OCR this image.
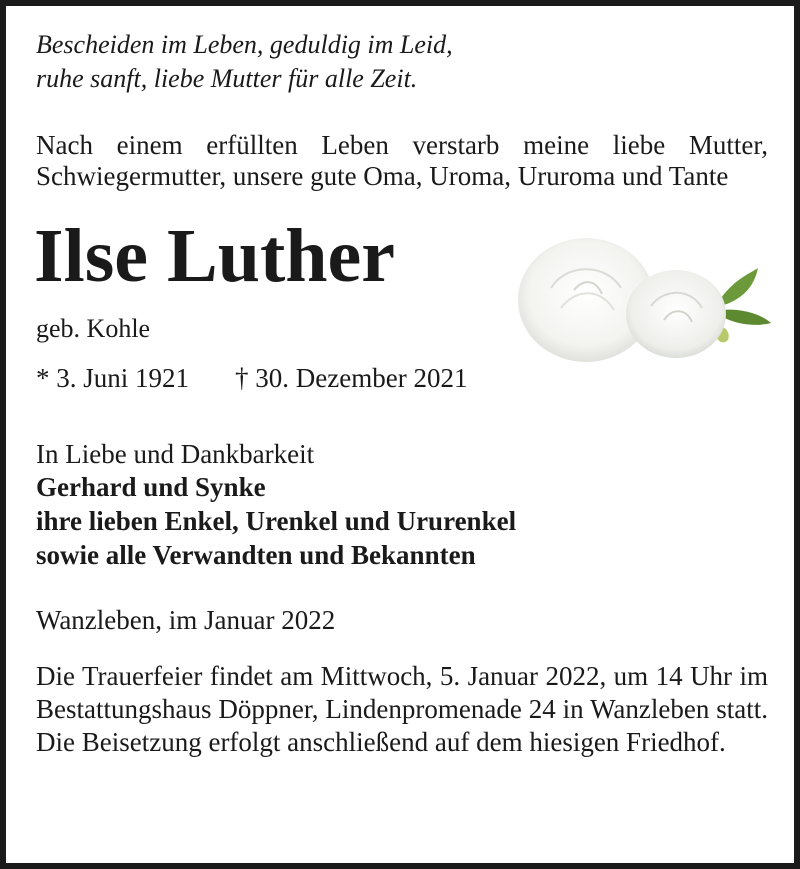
Bescheiden im Leben, geduldig im Leid,
ruhe sanft, liebe Mutter für alle Zeit.

Nach einem erfüllten Leben verstarb meine liebe Mutter, Schwiegermutter, unsere gute Oma, Uroma, Ururoma und Tante

Ilse Luther
geb. Kohle
* 3. Juni 1921 † 30. Dezember 2021
In Liebe und Dankbarkeit
Gerhard und Synke
ihre lieben Enkel, Urenkel und Ururenkel
sowie alle Verwandten und Bekannten
Wanzleben, im Januar 2022

Die Trauerfeier findet am Mittwoch, 5. Januar 2022, um 14 Uhr im Bestattungshaus Döppner, Lindenpromenade 24 in Wanzleben statt. Die Beisetzung erfolgt anschließend auf dem hiesigen Friedhof.
